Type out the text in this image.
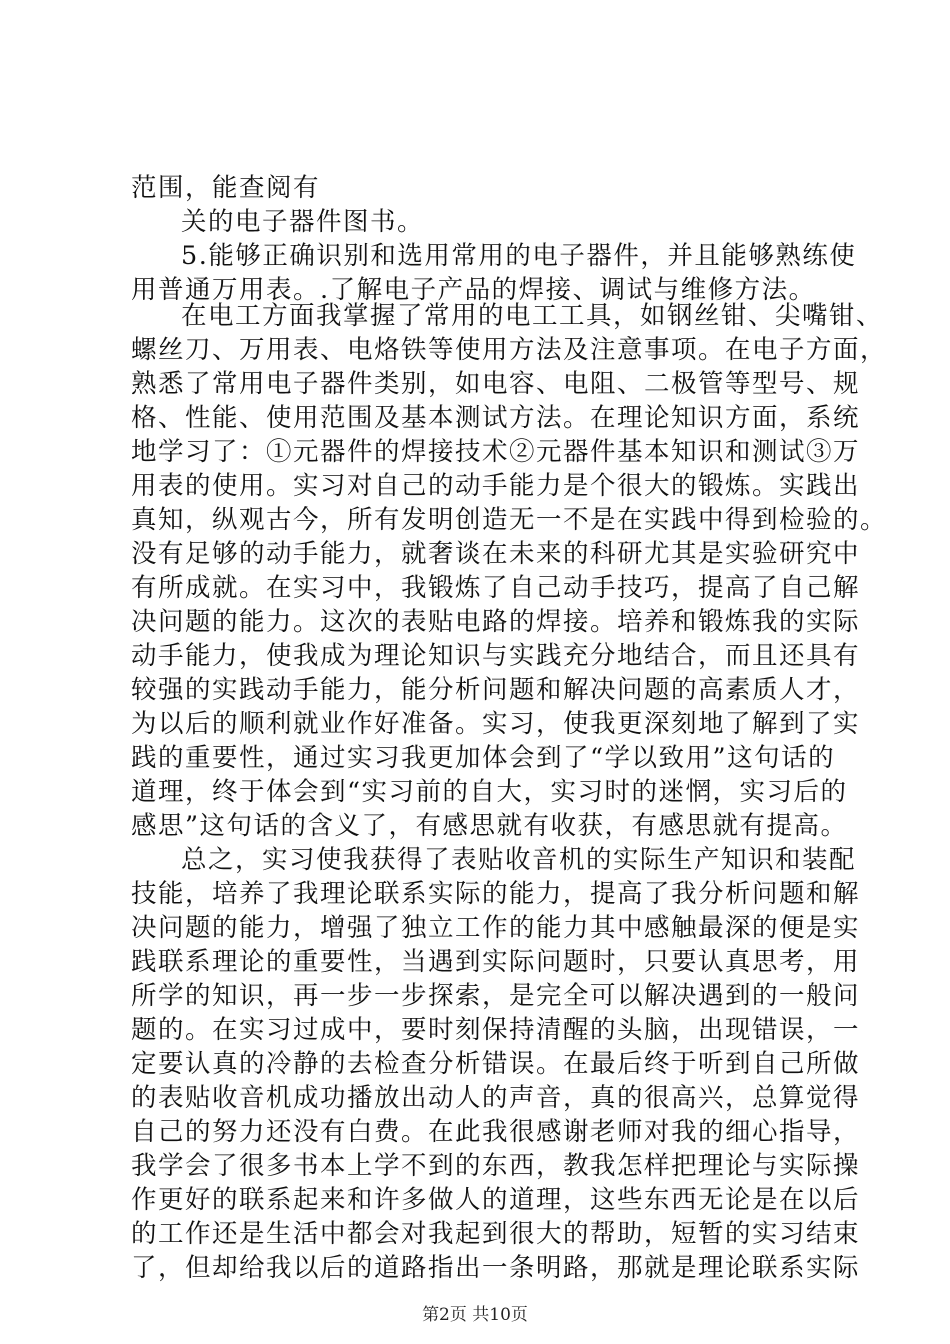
范围，能查阅有
关的电子器件图书。
5.能够正确识别和选用常用的电子器件，并且能够熟练使
用普通万用表。.了解电子产品的焊接、调试与维修方法。
在电工方面我掌握了常用的电工工具，如钢丝钳、尖嘴钳、
螺丝刀、万用表、电烙铁等使用方法及注意事项。在电子方面，
熟悉了常用电子器件类别，如电容、电阻、二极管等型号、规
格、性能、使用范围及基本测试方法。在理论知识方面，系统
地学习了：①元器件的焊接技术②元器件基本知识和测试③万
用表的使用。实习对自己的动手能力是个很大的锻炼。实践出
真知，纵观古今，所有发明创造无一不是在实践中得到检验的。
没有足够的动手能力，就奢谈在未来的科研尤其是实验研究中
有所成就。在实习中，我锻炼了自己动手技巧，提高了自己解
决问题的能力。这次的表贴电路的焊接。培养和锻炼我的实际
动手能力，使我成为理论知识与实践充分地结合，而且还具有
较强的实践动手能力，能分析问题和解决问题的高素质人才，
为以后的顺利就业作好准备。实习，使我更深刻地了解到了实
践的重要性，通过实习我更加体会到了“学以致用”这句话的
道理，终于体会到“实习前的自大，实习时的迷惘，实习后的
感思”这句话的含义了，有感思就有收获，有感思就有提高。
总之，实习使我获得了表贴收音机的实际生产知识和装配
技能，培养了我理论联系实际的能力，提高了我分析问题和解
决问题的能力，增强了独立工作的能力其中感触最深的便是实
践联系理论的重要性，当遇到实际问题时，只要认真思考，用
所学的知识，再一步一步探索，是完全可以解决遇到的一般问
题的。在实习过成中，要时刻保持清醒的头脑，出现错误，一
定要认真的冷静的去检查分析错误。在最后终于听到自己所做
的表贴收音机成功播放出动人的声音，真的很高兴，总算觉得
自己的努力还没有白费。在此我很感谢老师对我的细心指导，
我学会了很多书本上学不到的东西，教我怎样把理论与实际操
作更好的联系起来和许多做人的道理，这些东西无论是在以后
的工作还是生活中都会对我起到很大的帮助，短暂的实习结束
了，但却给我以后的道路指出一条明路，那就是理论联系实际
第2页 共10页
